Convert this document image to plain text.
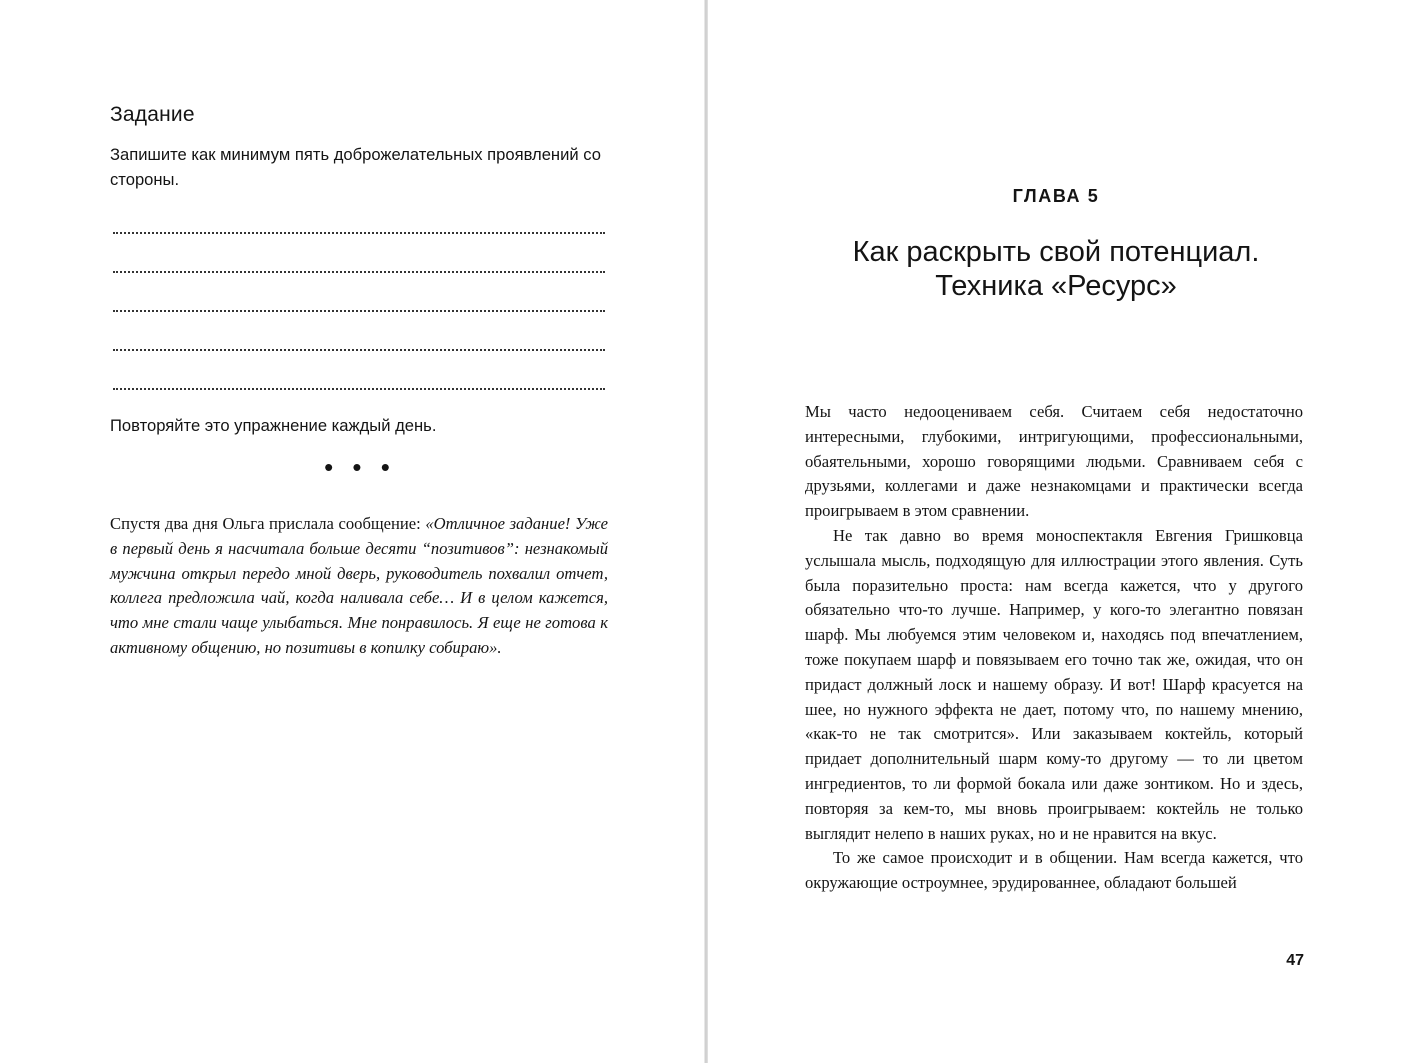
Задание

Запишите как минимум пять доброжелательных проявлений со стороны.

Повторяйте это упражнение каждый день.

• • •

Спустя два дня Ольга прислала сообщение: «Отличное задание! Уже в первый день я насчитала больше десяти “позитивов”: незнакомый мужчина открыл передо мной дверь, руководитель похвалил отчет, коллега предложила чай, когда наливала себе… И в целом кажется, что мне стали чаще улыбаться. Мне понравилось. Я еще не готова к активному общению, но позитивы в копилку собираю».

ГЛАВА 5

Как раскрыть свой потенциал.
Техника «Ресурс»

Мы часто недооцениваем себя. Считаем себя недостаточно интересными, глубокими, интригующими, профессиональными, обаятельными, хорошо говорящими людьми. Сравниваем себя с друзьями, коллегами и даже незнакомцами и практически всегда проигрываем в этом сравнении.

Не так давно во время моноспектакля Евгения Гришковца услышала мысль, подходящую для иллюстрации этого явления. Суть была поразительно проста: нам всегда кажется, что у другого обязательно что-то лучше. Например, у кого-то элегантно повязан шарф. Мы любуемся этим человеком и, находясь под впечатлением, тоже покупаем шарф и повязываем его точно так же, ожидая, что он придаст должный лоск и нашему образу. И вот! Шарф красуется на шее, но нужного эффекта не дает, потому что, по нашему мнению, «как-то не так смотрится». Или заказываем коктейль, который придает дополнительный шарм кому-то другому — то ли цветом ингредиентов, то ли формой бокала или даже зонтиком. Но и здесь, повторяя за кем-то, мы вновь проигрываем: коктейль не только выглядит нелепо в наших руках, но и не нравится на вкус.

То же самое происходит и в общении. Нам всегда кажется, что окружающие остроумнее, эрудированнее, обладают большей

47
